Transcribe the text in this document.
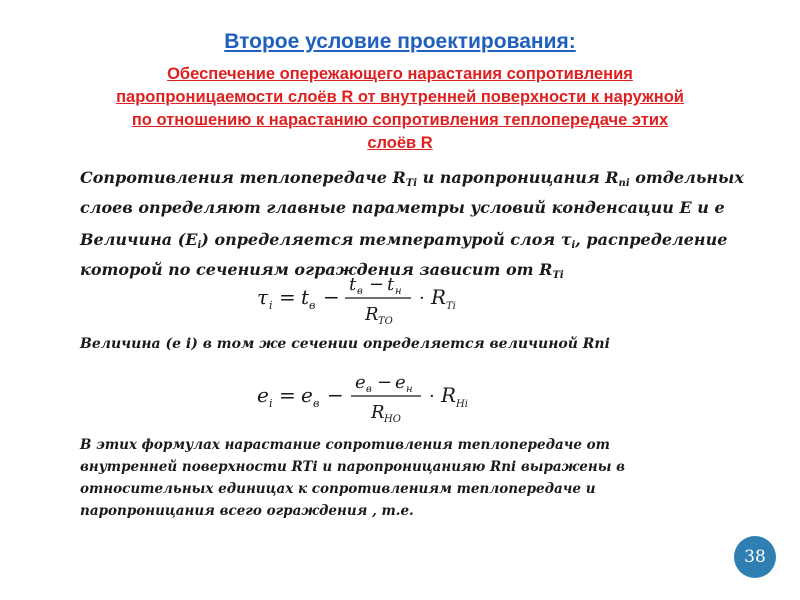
Второе условие проектирования:
Обеспечение опережающего нарастания сопротивления
паропроницаемости слоёв R от внутренней поверхности к наружной
по отношению к нарастанию сопротивления теплопередаче этих
слоёв R
Сопротивления теплопередаче $R_{Ti}$ и паропроницания $R_{пi}$ отдельных слоев определяют главные параметры условий конденсации Е и е
Величина $(Е_i)$ определяется температурой слоя $\tau_i$, распределение которой по сечениям ограждения зависит от $R_{Ti}$
τ i = t в −
t в − t н
R ТО
· R Ti
Величина (е i) в том же сечении определяется величиной Rпi
e i = e в −
e в − e н
R НО
· R Hi
В этих формулах нарастание сопротивления теплопередаче от
внутренней поверхности RTi и паропроницанияю Rпi выражены в
относительных единицах к сопротивлениям теплопередаче и
паропроницания всего ограждения , т.е.
38
